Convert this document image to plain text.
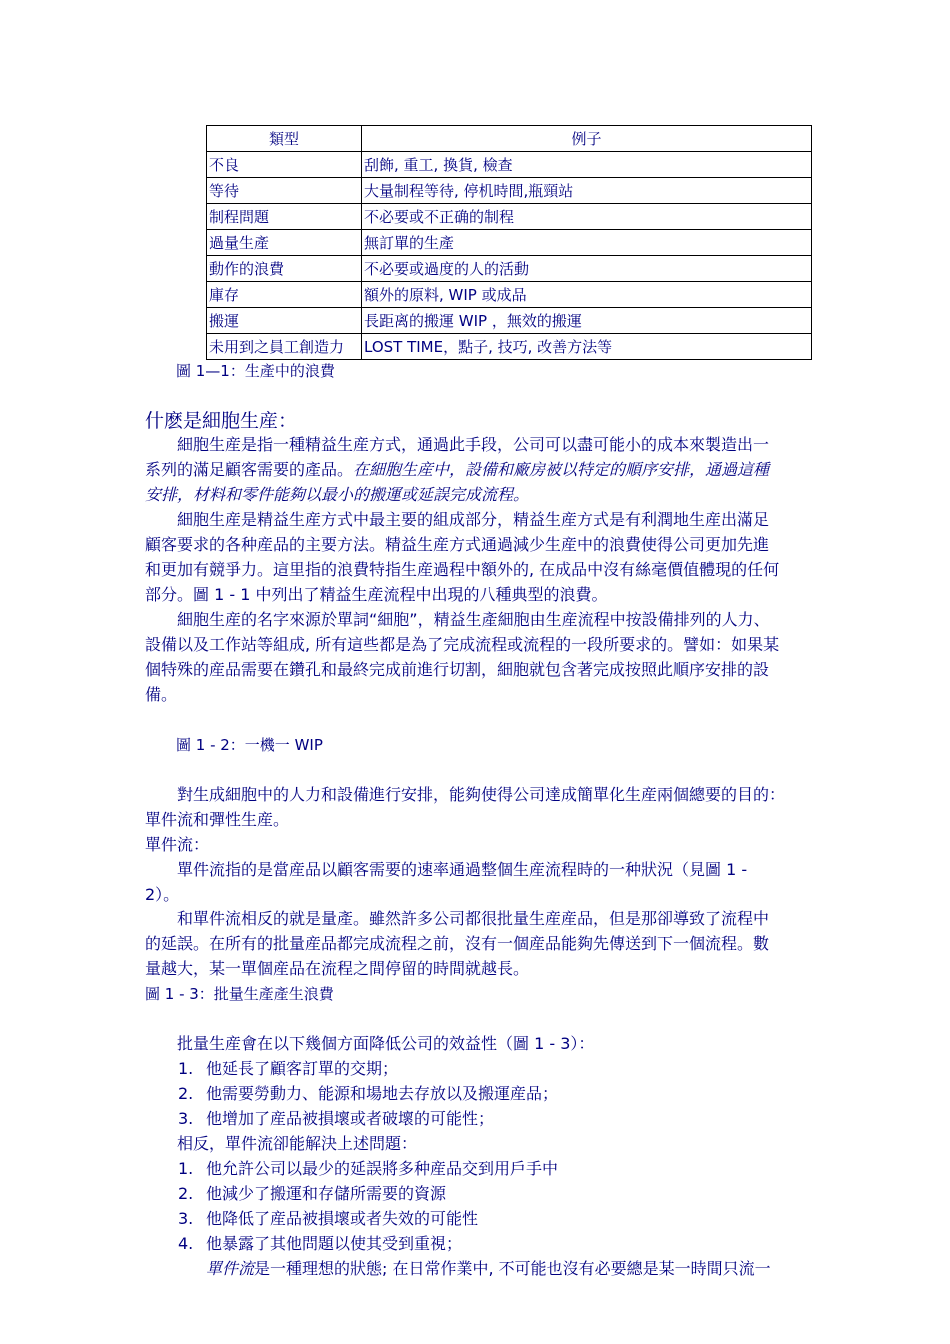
類型	例子
不良	刮飾, 重工, 換貨, 檢查
等待	大量制程等待, 停机時間,瓶頸站
制程問題	不必要或不正确的制程
過量生產	無訂單的生產
動作的浪費	不必要或過度的人的活動
庫存	額外的原料, WIP 或成品
搬運	長距离的搬運 WIP ，無效的搬運
未用到之員工創造力	LOST TIME，點子, 技巧, 改善方法等
圖 1—1：生產中的浪費
什麽是細胞生産：
細胞生産是指一種精益生産方式，通過此手段，公司可以盡可能小的成本來製造出一
系列的滿足顧客需要的產品。在細胞生産中，設備和廠房被以特定的順序安排，通過這種
安排，材料和零件能夠以最小的搬運或延誤完成流程。
細胞生産是精益生産方式中最主要的組成部分，精益生産方式是有利潤地生産出滿足
顧客要求的各种産品的主要方法。精益生産方式通過減少生産中的浪費使得公司更加先進
和更加有競爭力。這里指的浪費特指生産過程中額外的, 在成品中沒有絲毫價值體現的任何
部分。圖 1 - 1 中列出了精益生産流程中出現的八種典型的浪費。
細胞生産的名字來源於單詞“細胞”，精益生產細胞由生産流程中按設備排列的人力、
設備以及工作站等組成, 所有這些都是為了完成流程或流程的一段所要求的。譬如：如果某
個特殊的産品需要在鑽孔和最終完成前進行切割，細胞就包含著完成按照此順序安排的設
備。
圖 1 - 2：一機一 WIP
對生成細胞中的人力和設備進行安排，能夠使得公司達成簡單化生産兩個總要的目的：
單件流和彈性生産。
單件流：
單件流指的是當産品以顧客需要的速率通過整個生産流程時的一种狀況（見圖 1 -
2）。
和單件流相反的就是量產。雖然許多公司都很批量生産産品，但是那卻導致了流程中
的延誤。在所有的批量産品都完成流程之前，沒有一個産品能夠先傳送到下一個流程。數
量越大，某一單個産品在流程之間停留的時間就越長。
圖 1 - 3：批量生產產生浪費
批量生産會在以下幾個方面降低公司的效益性（圖 1 - 3）：
1. 他延長了顧客訂單的交期；
2. 他需要勞動力、能源和場地去存放以及搬運産品；
3. 他增加了産品被損壞或者破壞的可能性；
相反，單件流卻能解決上述問題：
1. 他允許公司以最少的延誤將多种産品交到用戶手中
2. 他減少了搬運和存儲所需要的資源
3. 他降低了産品被損壞或者失效的可能性
4. 他暴露了其他問題以使其受到重視；
單件流是一種理想的狀態; 在日常作業中, 不可能也沒有必要總是某一時間只流一
